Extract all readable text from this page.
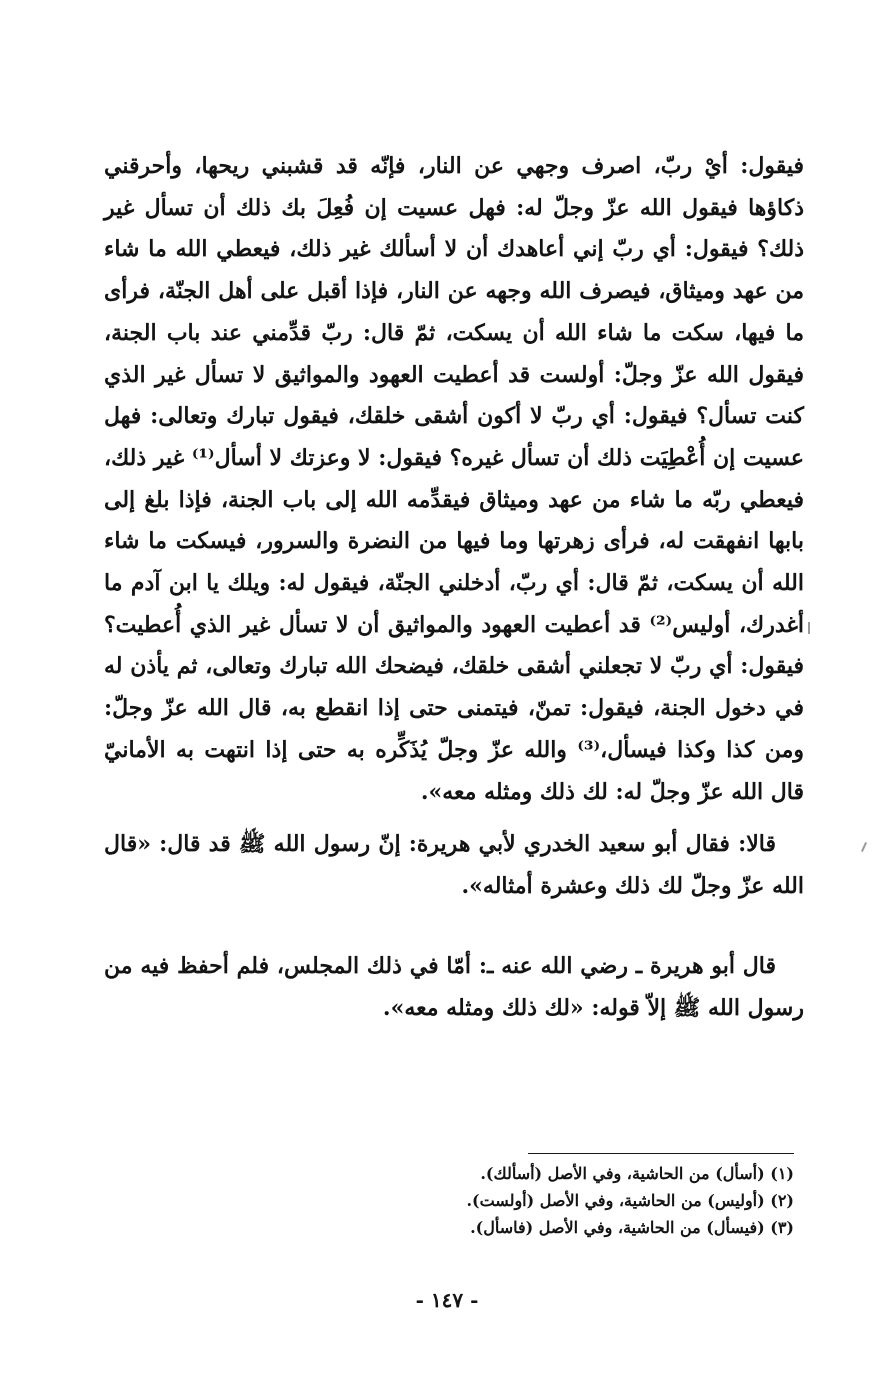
فيقول: أيْ ربّ، اصرف وجهي عن النار، فإنّه قد قشبني ريحها، وأحرقني ذكاؤها فيقول الله عزّ وجلّ له: فهل عسيت إن فُعِلَ بك ذلك أن تسأل غير ذلك؟ فيقول: أي ربّ إني أعاهدك أن لا أسألك غير ذلك، فيعطي الله ما شاء من عهد وميثاق، فيصرف الله وجهه عن النار، فإذا أقبل على أهل الجنّة، فرأى ما فيها، سكت ما شاء الله أن يسكت، ثمّ قال: ربّ قدِّمني عند باب الجنة، فيقول الله عزّ وجلّ: أولست قد أعطيت العهود والمواثيق لا تسأل غير الذي كنت تسأل؟ فيقول: أي ربّ لا أكون أشقى خلقك، فيقول تبارك وتعالى: فهل عسيت إن أُعْطِيَت ذلك أن تسأل غيره؟ فيقول: لا وعزتك لا أسأل⁽¹⁾ غير ذلك، فيعطي ربّه ما شاء من عهد وميثاق فيقدِّمه الله إلى باب الجنة، فإذا بلغ إلى بابها انفهقت له، فرأى زهرتها وما فيها من النضرة والسرور، فيسكت ما شاء الله أن يسكت، ثمّ قال: أي ربّ، أدخلني الجنّة، فيقول له: ويلك يا ابن آدم ما أغدرك، أوليس⁽²⁾ قد أعطيت العهود والمواثيق أن لا تسأل غير الذي أُعطيت؟ فيقول: أي ربّ لا تجعلني أشقى خلقك، فيضحك الله تبارك وتعالى، ثم يأذن له في دخول الجنة، فيقول: تمنّ، فيتمنى حتى إذا انقطع به، قال الله عزّ وجلّ: ومن كذا وكذا فيسأل،⁽³⁾ والله عزّ وجلّ يُذَكِّره به حتى إذا انتهت به الأمانيّ قال الله عزّ وجلّ له: لك ذلك ومثله معه».
قالا: فقال أبو سعيد الخدري لأبي هريرة: إنّ رسول الله ﷺ قد قال: «قال الله عزّ وجلّ لك ذلك وعشرة أمثاله».
قال أبو هريرة ـ رضي الله عنه ـ: أمّا في ذلك المجلس، فلم أحفظ فيه من رسول الله ﷺ إلاّ قوله: «لك ذلك ومثله معه».
(١) (أسأل) من الحاشية، وفي الأصل (أسألك).
(٢) (أوليس) من الحاشية، وفي الأصل (أولست).
(٣) (فيسأل) من الحاشية، وفي الأصل (فاسأل).
- ١٤٧ -
